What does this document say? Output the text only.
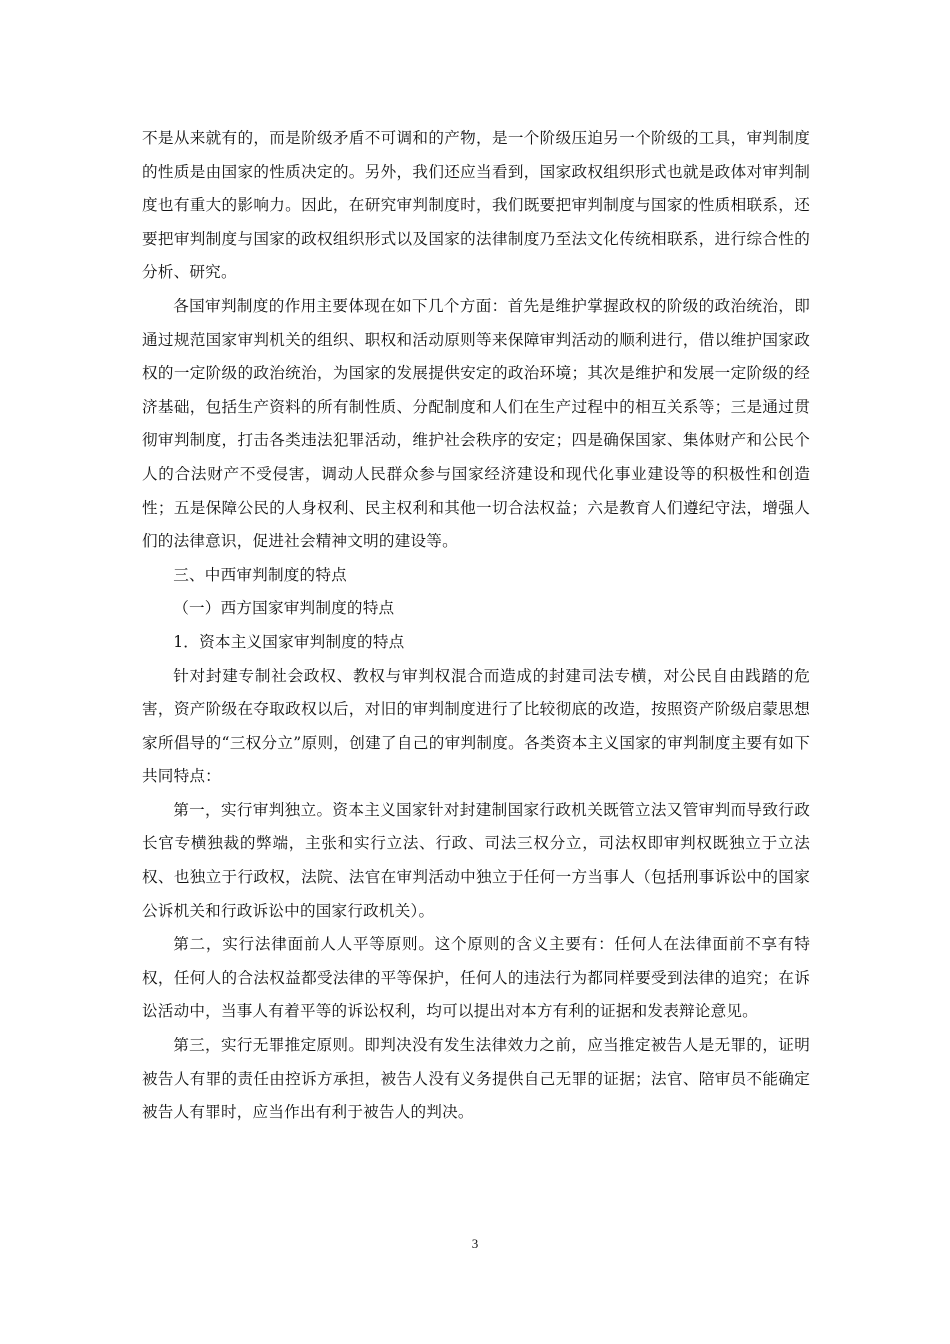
不是从来就有的，而是阶级矛盾不可调和的产物，是一个阶级压迫另一个阶级的工具，审判制度的性质是由国家的性质决定的。另外，我们还应当看到，国家政权组织形式也就是政体对审判制度也有重大的影响力。因此，在研究审判制度时，我们既要把审判制度与国家的性质相联系，还要把审判制度与国家的政权组织形式以及国家的法律制度乃至法文化传统相联系，进行综合性的分析、研究。

各国审判制度的作用主要体现在如下几个方面：首先是维护掌握政权的阶级的政治统治，即通过规范国家审判机关的组织、职权和活动原则等来保障审判活动的顺利进行，借以维护国家政权的一定阶级的政治统治，为国家的发展提供安定的政治环境；其次是维护和发展一定阶级的经济基础，包括生产资料的所有制性质、分配制度和人们在生产过程中的相互关系等；三是通过贯彻审判制度，打击各类违法犯罪活动，维护社会秩序的安定；四是确保国家、集体财产和公民个人的合法财产不受侵害，调动人民群众参与国家经济建设和现代化事业建设等的积极性和创造性；五是保障公民的人身权利、民主权利和其他一切合法权益；六是教育人们遵纪守法，增强人们的法律意识，促进社会精神文明的建设等。

三、中西审判制度的特点

（一）西方国家审判制度的特点

1．资本主义国家审判制度的特点

针对封建专制社会政权、教权与审判权混合而造成的封建司法专横，对公民自由践踏的危害，资产阶级在夺取政权以后，对旧的审判制度进行了比较彻底的改造，按照资产阶级启蒙思想家所倡导的“三权分立”原则，创建了自己的审判制度。各类资本主义国家的审判制度主要有如下共同特点：

第一，实行审判独立。资本主义国家针对封建制国家行政机关既管立法又管审判而导致行政长官专横独裁的弊端，主张和实行立法、行政、司法三权分立，司法权即审判权既独立于立法权、也独立于行政权，法院、法官在审判活动中独立于任何一方当事人（包括刑事诉讼中的国家公诉机关和行政诉讼中的国家行政机关）。

第二，实行法律面前人人平等原则。这个原则的含义主要有：任何人在法律面前不享有特权，任何人的合法权益都受法律的平等保护，任何人的违法行为都同样要受到法律的追究；在诉讼活动中，当事人有着平等的诉讼权利，均可以提出对本方有利的证据和发表辩论意见。

第三，实行无罪推定原则。即判决没有发生法律效力之前，应当推定被告人是无罪的，证明被告人有罪的责任由控诉方承担，被告人没有义务提供自己无罪的证据；法官、陪审员不能确定被告人有罪时，应当作出有利于被告人的判决。

3
